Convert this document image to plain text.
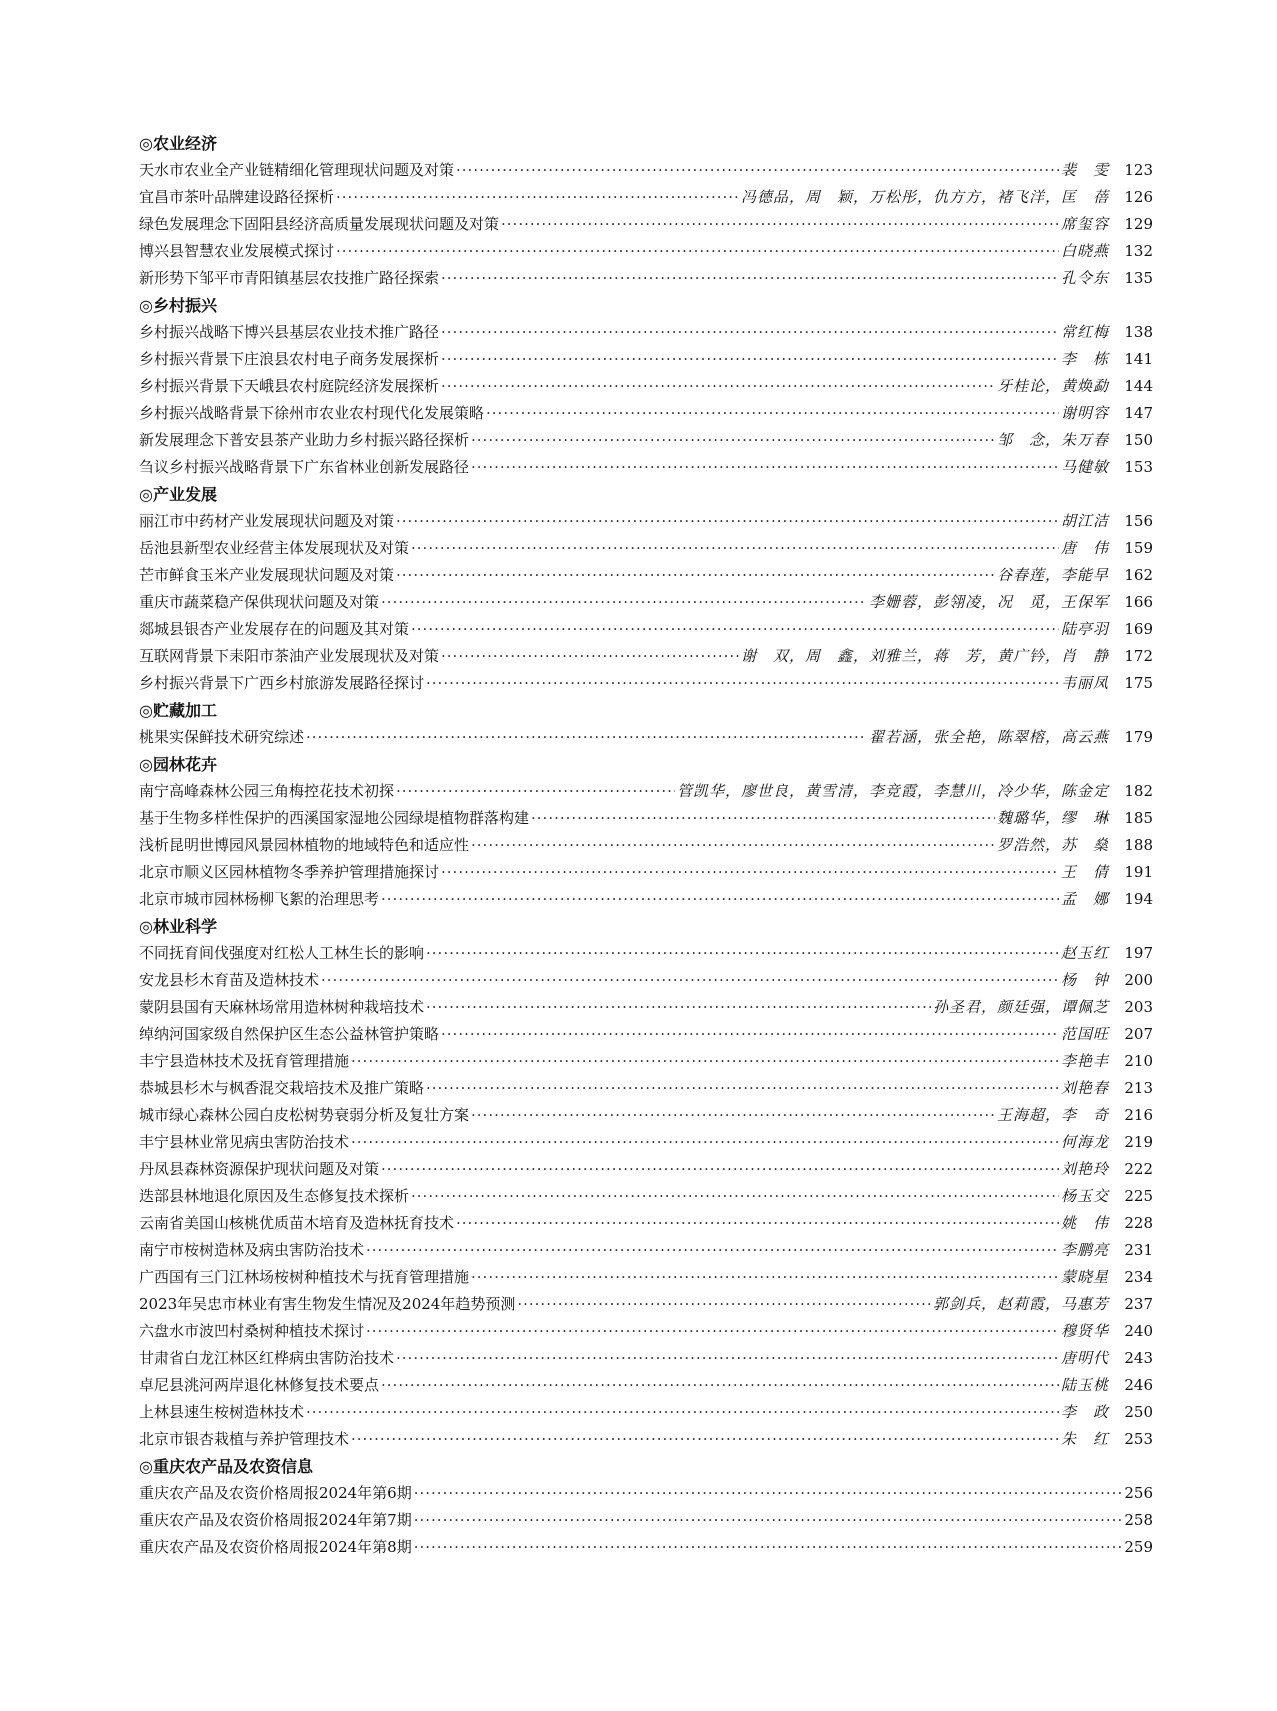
◎农业经济
天水市农业全产业链精细化管理现状问题及对策 ·····	裴　雯	123
宜昌市茶叶品牌建设路径探析 ·····	冯德品，周　颖，万松彤，仇方方，褚飞洋，匡　蓓	126
绿色发展理念下固阳县经济高质量发展现状问题及对策 ·····	席玺容	129
博兴县智慧农业发展模式探讨 ·····	白晓燕	132
新形势下邹平市青阳镇基层农技推广路径探索 ·····	孔令东	135
◎乡村振兴
乡村振兴战略下博兴县基层农业技术推广路径 ·····	常红梅	138
乡村振兴背景下庄浪县农村电子商务发展探析 ·····	李　栋	141
乡村振兴背景下天峨县农村庭院经济发展探析 ·····	牙桂论，黄焕勐	144
乡村振兴战略背景下徐州市农业农村现代化发展策略 ·····	谢明容	147
新发展理念下普安县茶产业助力乡村振兴路径探析 ·····	邹　念，朱万春	150
刍议乡村振兴战略背景下广东省林业创新发展路径 ·····	马健敏	153
◎产业发展
丽江市中药材产业发展现状问题及对策 ·····	胡江洁	156
岳池县新型农业经营主体发展现状及对策 ·····	唐　伟	159
芒市鲜食玉米产业发展现状问题及对策 ·····	谷春莲，李能早	162
重庆市蔬菜稳产保供现状问题及对策 ·····	李姗蓉，彭翎凌，况　觅，王保军	166
郯城县银杏产业发展存在的问题及其对策 ·····	陆亭羽	169
互联网背景下耒阳市茶油产业发展现状及对策 ·····	谢　双，周　鑫，刘雅兰，蒋　芳，黄广钤，肖　静	172
乡村振兴背景下广西乡村旅游发展路径探讨 ·····	韦丽凤	175
◎贮藏加工
桃果实保鲜技术研究综述 ·····	翟若涵，张全艳，陈翠榕，高云燕	179
◎园林花卉
南宁高峰森林公园三角梅控花技术初探 ·····	管凯华，廖世良，黄雪清，李竞霞，李慧川，冷少华，陈金定	182
基于生物多样性保护的西溪国家湿地公园绿堤植物群落构建 ·····	魏璐华，缪　琳	185
浅析昆明世博园风景园林植物的地域特色和适应性 ·····	罗浩然，苏　燊	188
北京市顺义区园林植物冬季养护管理措施探讨 ·····	王　倩	191
北京市城市园林杨柳飞絮的治理思考 ·····	孟　娜	194
◎林业科学
不同抚育间伐强度对红松人工林生长的影响 ·····	赵玉红	197
安龙县杉木育苗及造林技术 ·····	杨　钟	200
蒙阴县国有天麻林场常用造林树种栽培技术 ·····	孙圣君，颜廷强，谭佩芝	203
绰纳河国家级自然保护区生态公益林管护策略 ·····	范国旺	207
丰宁县造林技术及抚育管理措施 ·····	李艳丰	210
恭城县杉木与枫香混交栽培技术及推广策略 ·····	刘艳春	213
城市绿心森林公园白皮松树势衰弱分析及复壮方案 ·····	王海超，李　奇	216
丰宁县林业常见病虫害防治技术 ·····	何海龙	219
丹凤县森林资源保护现状问题及对策 ·····	刘艳玲	222
迭部县林地退化原因及生态修复技术探析 ·····	杨玉交	225
云南省美国山核桃优质苗木培育及造林抚育技术 ·····	姚　伟	228
南宁市桉树造林及病虫害防治技术 ·····	李鹏亮	231
广西国有三门江林场桉树种植技术与抚育管理措施 ·····	蒙晓星	234
2023年吴忠市林业有害生物发生情况及2024年趋势预测 ·····	郭剑兵，赵莉霞，马惠芳	237
六盘水市波凹村桑树种植技术探讨 ·····	穆贤华	240
甘肃省白龙江林区红桦病虫害防治技术 ·····	唐明代	243
卓尼县洮河两岸退化林修复技术要点 ·····	陆玉桃	246
上林县速生桉树造林技术 ·····	李　政	250
北京市银杏栽植与养护管理技术 ·····	朱　红	253
◎重庆农产品及农资信息
重庆农产品及农资价格周报2024年第6期 ·····	256
重庆农产品及农资价格周报2024年第7期 ·····	258
重庆农产品及农资价格周报2024年第8期 ·····	259
